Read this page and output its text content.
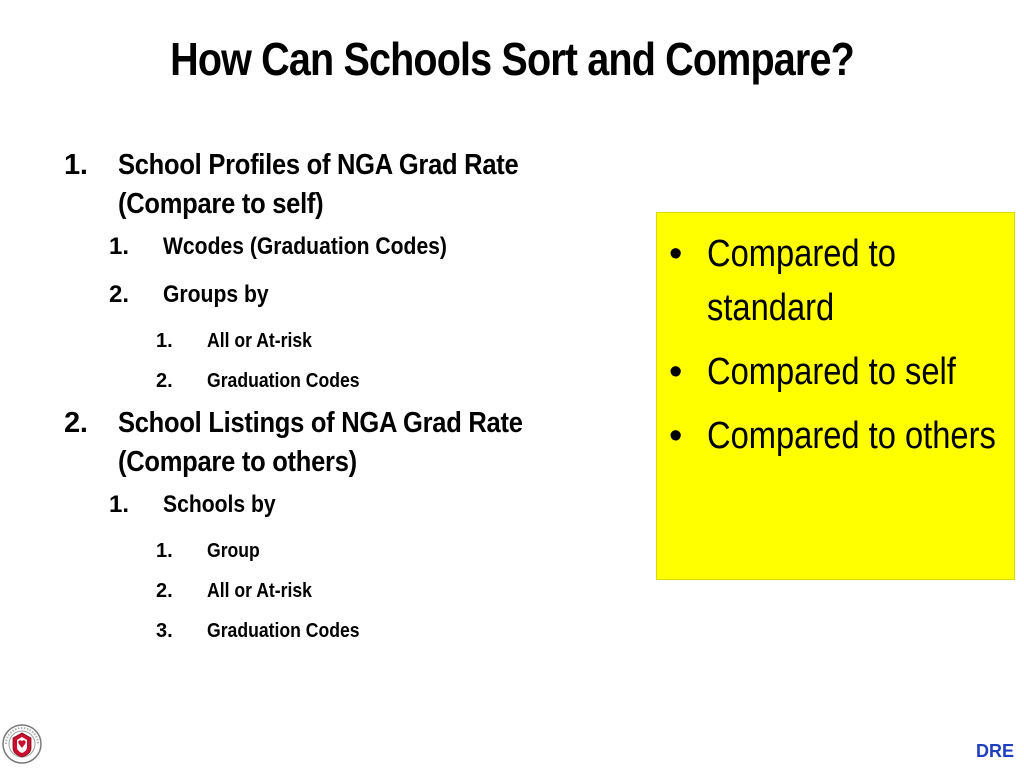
How Can Schools Sort and Compare?
1. School Profiles of NGA Grad Rate
(Compare to self)
1. Wcodes (Graduation Codes)
2. Groups by
1. All or At-risk
2. Graduation Codes
2. School Listings of NGA Grad Rate
(Compare to others)
1. Schools by
1. Group
2. All or At-risk
3. Graduation Codes
• Compared to standard
• Compared to self
• Compared to others
DRE
